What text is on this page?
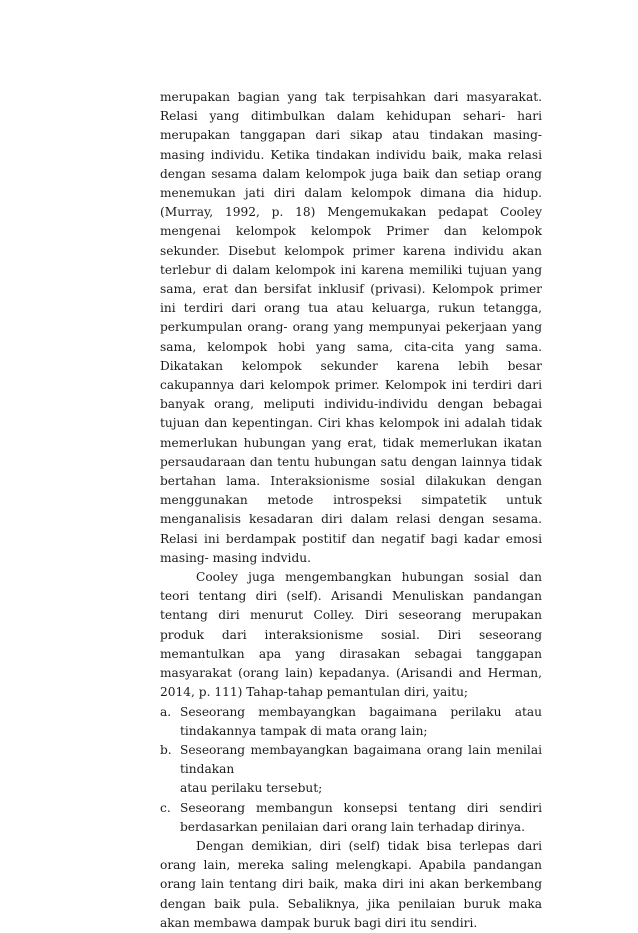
merupakan bagian yang tak terpisahkan dari masyarakat. Relasi yang ditimbulkan dalam kehidupan sehari- hari merupakan tanggapan dari sikap atau tindakan masing-masing individu. Ketika tindakan individu baik, maka relasi dengan sesama dalam kelompok juga baik dan setiap orang menemukan jati diri dalam kelompok dimana dia hidup.(Murray, 1992, p. 18) Mengemukakan pedapat Cooley mengenai kelompok kelompok Primer dan kelompok sekunder. Disebut kelompok primer karena individu akan terlebur di dalam kelompok ini karena memiliki tujuan yang sama, erat dan bersifat inklusif (privasi). Kelompok primer ini terdiri dari orang tua atau keluarga, rukun tetangga, perkumpulan orang- orang yang mempunyai pekerjaan yang sama, kelompok hobi yang sama, cita-cita yang sama. Dikatakan kelompok sekunder karena lebih besar cakupannya dari kelompok primer. Kelompok ini terdiri dari banyak orang, meliputi individu-individu dengan bebagai tujuan dan kepentingan. Ciri khas kelompok ini adalah tidak memerlukan hubungan yang erat, tidak memerlukan ikatan persaudaraan dan tentu hubungan satu dengan lainnya tidak bertahan lama. Interaksionisme sosial dilakukan dengan menggunakan metode introspeksi simpatetik untuk menganalisis kesadaran diri dalam relasi dengan sesama. Relasi ini berdampak postitif dan negatif bagi kadar emosi masing- masing indvidu.

Cooley juga mengembangkan hubungan sosial dan teori tentang diri (self). Arisandi Menuliskan pandangan tentang diri menurut Colley. Diri seseorang merupakan produk dari interaksionisme sosial. Diri seseorang memantulkan apa yang dirasakan sebagai tanggapan masyarakat (orang lain) kepadanya. (Arisandi and Herman, 2014, p. 111) Tahap-tahap pemantulan diri, yaitu;

a. Seseorang membayangkan bagaimana perilaku atau tindakannya tampak di mata orang lain;
b. Seseorang membayangkan bagaimana orang lain menilai tindakan
atau perilaku tersebut;
c. Seseorang membangun konsepsi tentang diri sendiri berdasarkan penilaian dari orang lain terhadap dirinya.

Dengan demikian, diri (self) tidak bisa terlepas dari orang lain, mereka saling melengkapi. Apabila pandangan orang lain tentang diri baik, maka diri ini akan berkembang dengan baik pula. Sebaliknya, jika penilaian buruk maka akan membawa dampak buruk bagi diri itu sendiri.
